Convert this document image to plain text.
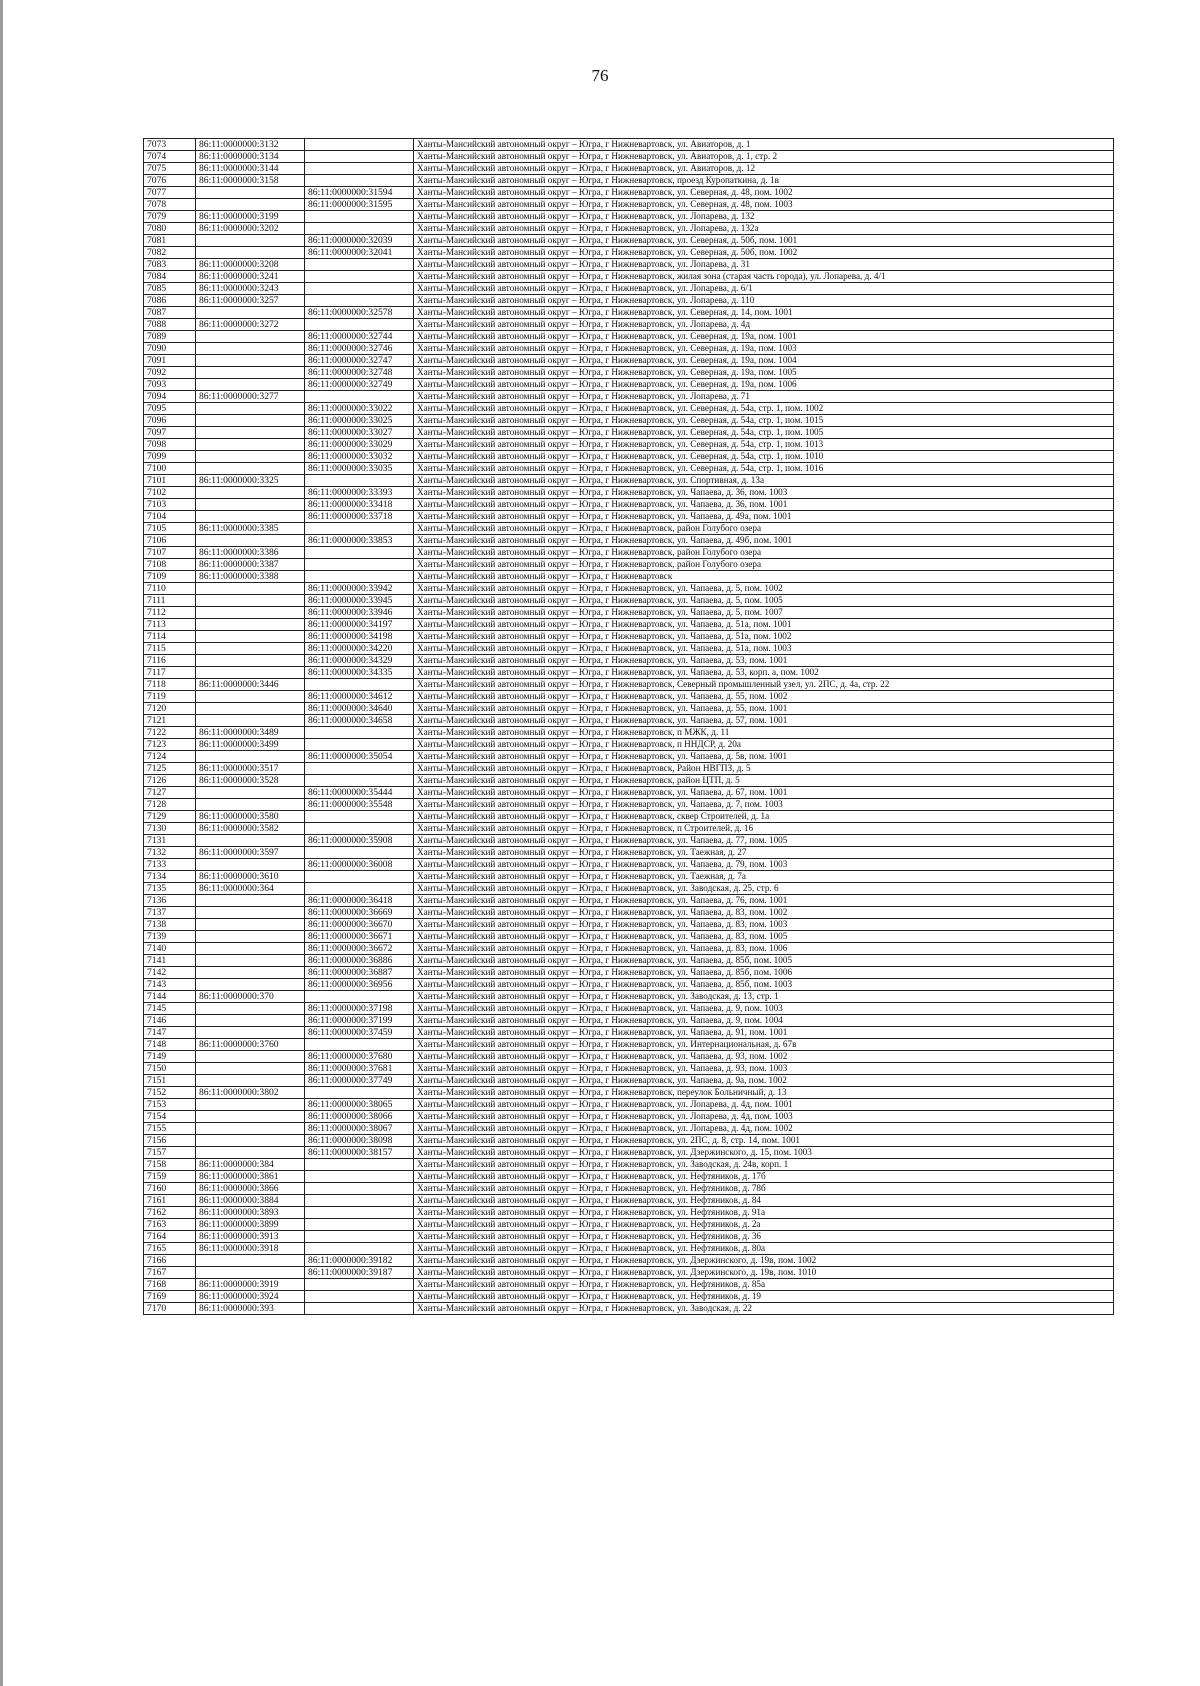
76
7073	86:11:0000000:3132		Ханты-Мансийский автономный округ – Югра, г Нижневартовск, ул. Авиаторов, д. 1
7074	86:11:0000000:3134		Ханты-Мансийский автономный округ – Югра, г Нижневартовск, ул. Авиаторов, д. 1, стр. 2
7075	86:11:0000000:3144		Ханты-Мансийский автономный округ – Югра, г Нижневартовск, ул. Авиаторов, д. 12
7076	86:11:0000000:3158		Ханты-Мансийский автономный округ – Югра, г Нижневартовск, проезд Куропаткина, д. 1в
7077		86:11:0000000:31594	Ханты-Мансийский автономный округ – Югра, г Нижневартовск, ул. Северная, д. 48, пом. 1002
7078		86:11:0000000:31595	Ханты-Мансийский автономный округ – Югра, г Нижневартовск, ул. Северная, д. 48, пом. 1003
7079	86:11:0000000:3199		Ханты-Мансийский автономный округ – Югра, г Нижневартовск, ул. Лопарева, д. 132
7080	86:11:0000000:3202		Ханты-Мансийский автономный округ – Югра, г Нижневартовск, ул. Лопарева, д. 132а
7081		86:11:0000000:32039	Ханты-Мансийский автономный округ – Югра, г Нижневартовск, ул. Северная, д. 50б, пом. 1001
7082		86:11:0000000:32041	Ханты-Мансийский автономный округ – Югра, г Нижневартовск, ул. Северная, д. 50б, пом. 1002
7083	86:11:0000000:3208		Ханты-Мансийский автономный округ – Югра, г Нижневартовск, ул. Лопарева, д. 31
7084	86:11:0000000:3241		Ханты-Мансийский автономный округ – Югра, г Нижневартовск, жилая зона (старая часть города), ул. Лопарева, д. 4/1
7085	86:11:0000000:3243		Ханты-Мансийский автономный округ – Югра, г Нижневартовск, ул. Лопарева, д. 6/1
7086	86:11:0000000:3257		Ханты-Мансийский автономный округ – Югра, г Нижневартовск, ул. Лопарева, д. 110
7087		86:11:0000000:32578	Ханты-Мансийский автономный округ – Югра, г Нижневартовск, ул. Северная, д. 14, пом. 1001
7088	86:11:0000000:3272		Ханты-Мансийский автономный округ – Югра, г Нижневартовск, ул. Лопарева, д. 4д
7089		86:11:0000000:32744	Ханты-Мансийский автономный округ – Югра, г Нижневартовск, ул. Северная, д. 19а, пом. 1001
7090		86:11:0000000:32746	Ханты-Мансийский автономный округ – Югра, г Нижневартовск, ул. Северная, д. 19а, пом. 1003
7091		86:11:0000000:32747	Ханты-Мансийский автономный округ – Югра, г Нижневартовск, ул. Северная, д. 19а, пом. 1004
7092		86:11:0000000:32748	Ханты-Мансийский автономный округ – Югра, г Нижневартовск, ул. Северная, д. 19а, пом. 1005
7093		86:11:0000000:32749	Ханты-Мансийский автономный округ – Югра, г Нижневартовск, ул. Северная, д. 19а, пом. 1006
7094	86:11:0000000:3277		Ханты-Мансийский автономный округ – Югра, г Нижневартовск, ул. Лопарева, д. 71
7095		86:11:0000000:33022	Ханты-Мансийский автономный округ – Югра, г Нижневартовск, ул. Северная, д. 54а, стр. 1, пом. 1002
7096		86:11:0000000:33025	Ханты-Мансийский автономный округ – Югра, г Нижневартовск, ул. Северная, д. 54а, стр. 1, пом. 1015
7097		86:11:0000000:33027	Ханты-Мансийский автономный округ – Югра, г Нижневартовск, ул. Северная, д. 54а, стр. 1, пом. 1005
7098		86:11:0000000:33029	Ханты-Мансийский автономный округ – Югра, г Нижневартовск, ул. Северная, д. 54а, стр. 1, пом. 1013
7099		86:11:0000000:33032	Ханты-Мансийский автономный округ – Югра, г Нижневартовск, ул. Северная, д. 54а, стр. 1, пом. 1010
7100		86:11:0000000:33035	Ханты-Мансийский автономный округ – Югра, г Нижневартовск, ул. Северная, д. 54а, стр. 1, пом. 1016
7101	86:11:0000000:3325		Ханты-Мансийский автономный округ – Югра, г Нижневартовск, ул. Спортивная, д. 13а
7102		86:11:0000000:33393	Ханты-Мансийский автономный округ – Югра, г Нижневартовск, ул. Чапаева, д. 36, пом. 1003
7103		86:11:0000000:33418	Ханты-Мансийский автономный округ – Югра, г Нижневартовск, ул. Чапаева, д. 36, пом. 1001
7104		86:11:0000000:33718	Ханты-Мансийский автономный округ – Югра, г Нижневартовск, ул. Чапаева, д. 49а, пом. 1001
7105	86:11:0000000:3385		Ханты-Мансийский автономный округ – Югра, г Нижневартовск, район Голубого озера
7106		86:11:0000000:33853	Ханты-Мансийский автономный округ – Югра, г Нижневартовск, ул. Чапаева, д. 49б, пом. 1001
7107	86:11:0000000:3386		Ханты-Мансийский автономный округ – Югра, г Нижневартовск, район Голубого озера
7108	86:11:0000000:3387		Ханты-Мансийский автономный округ – Югра, г Нижневартовск, район Голубого озера
7109	86:11:0000000:3388		Ханты-Мансийский автономный округ – Югра, г Нижневартовск
7110		86:11:0000000:33942	Ханты-Мансийский автономный округ – Югра, г Нижневартовск, ул. Чапаева, д. 5, пом. 1002
7111		86:11:0000000:33945	Ханты-Мансийский автономный округ – Югра, г Нижневартовск, ул. Чапаева, д. 5, пом. 1005
7112		86:11:0000000:33946	Ханты-Мансийский автономный округ – Югра, г Нижневартовск, ул. Чапаева, д. 5, пом. 1007
7113		86:11:0000000:34197	Ханты-Мансийский автономный округ – Югра, г Нижневартовск, ул. Чапаева, д. 51а, пом. 1001
7114		86:11:0000000:34198	Ханты-Мансийский автономный округ – Югра, г Нижневартовск, ул. Чапаева, д. 51а, пом. 1002
7115		86:11:0000000:34220	Ханты-Мансийский автономный округ – Югра, г Нижневартовск, ул. Чапаева, д. 51а, пом. 1003
7116		86:11:0000000:34329	Ханты-Мансийский автономный округ – Югра, г Нижневартовск, ул. Чапаева, д. 53, пом. 1001
7117		86:11:0000000:34335	Ханты-Мансийский автономный округ – Югра, г Нижневартовск, ул. Чапаева, д. 53, корп. а, пом. 1002
7118	86:11:0000000:3446		Ханты-Мансийский автономный округ – Югра, г Нижневартовск, Северный промышленный узел, ул. 2ПС, д. 4а, стр. 22
7119		86:11:0000000:34612	Ханты-Мансийский автономный округ – Югра, г Нижневартовск, ул. Чапаева, д. 55, пом. 1002
7120		86:11:0000000:34640	Ханты-Мансийский автономный округ – Югра, г Нижневартовск, ул. Чапаева, д. 55, пом. 1001
7121		86:11:0000000:34658	Ханты-Мансийский автономный округ – Югра, г Нижневартовск, ул. Чапаева, д. 57, пом. 1001
7122	86:11:0000000:3489		Ханты-Мансийский автономный округ – Югра, г Нижневартовск, п МЖК, д. 11
7123	86:11:0000000:3499		Ханты-Мансийский автономный округ – Югра, г Нижневартовск, п ННДСР, д. 20а
7124		86:11:0000000:35054	Ханты-Мансийский автономный округ – Югра, г Нижневартовск, ул. Чапаева, д. 5в, пом. 1001
7125	86:11:0000000:3517		Ханты-Мансийский автономный округ – Югра, г Нижневартовск, Район НВГПЗ, д. 5
7126	86:11:0000000:3528		Ханты-Мансийский автономный округ – Югра, г Нижневартовск, район ЦТП, д. 5
7127		86:11:0000000:35444	Ханты-Мансийский автономный округ – Югра, г Нижневартовск, ул. Чапаева, д. 67, пом. 1001
7128		86:11:0000000:35548	Ханты-Мансийский автономный округ – Югра, г Нижневартовск, ул. Чапаева, д. 7, пом. 1003
7129	86:11:0000000:3580		Ханты-Мансийский автономный округ – Югра, г Нижневартовск, сквер Строителей, д. 1а
7130	86:11:0000000:3582		Ханты-Мансийский автономный округ – Югра, г Нижневартовск, п Строителей, д. 16
7131		86:11:0000000:35908	Ханты-Мансийский автономный округ – Югра, г Нижневартовск, ул. Чапаева, д. 77, пом. 1005
7132	86:11:0000000:3597		Ханты-Мансийский автономный округ – Югра, г Нижневартовск, ул. Таежная, д. 27
7133		86:11:0000000:36008	Ханты-Мансийский автономный округ – Югра, г Нижневартовск, ул. Чапаева, д. 79, пом. 1003
7134	86:11:0000000:3610		Ханты-Мансийский автономный округ – Югра, г Нижневартовск, ул. Таежная, д. 7а
7135	86:11:0000000:364		Ханты-Мансийский автономный округ – Югра, г Нижневартовск, ул. Заводская, д. 25, стр. 6
7136		86:11:0000000:36418	Ханты-Мансийский автономный округ – Югра, г Нижневартовск, ул. Чапаева, д. 76, пом. 1001
7137		86:11:0000000:36669	Ханты-Мансийский автономный округ – Югра, г Нижневартовск, ул. Чапаева, д. 83, пом. 1002
7138		86:11:0000000:36670	Ханты-Мансийский автономный округ – Югра, г Нижневартовск, ул. Чапаева, д. 83, пом. 1003
7139		86:11:0000000:36671	Ханты-Мансийский автономный округ – Югра, г Нижневартовск, ул. Чапаева, д. 83, пом. 1005
7140		86:11:0000000:36672	Ханты-Мансийский автономный округ – Югра, г Нижневартовск, ул. Чапаева, д. 83, пом. 1006
7141		86:11:0000000:36886	Ханты-Мансийский автономный округ – Югра, г Нижневартовск, ул. Чапаева, д. 85б, пом. 1005
7142		86:11:0000000:36887	Ханты-Мансийский автономный округ – Югра, г Нижневартовск, ул. Чапаева, д. 85б, пом. 1006
7143		86:11:0000000:36956	Ханты-Мансийский автономный округ – Югра, г Нижневартовск, ул. Чапаева, д. 85б, пом. 1003
7144	86:11:0000000:370		Ханты-Мансийский автономный округ – Югра, г Нижневартовск, ул. Заводская, д. 13, стр. 1
7145		86:11:0000000:37198	Ханты-Мансийский автономный округ – Югра, г Нижневартовск, ул. Чапаева, д. 9, пом. 1003
7146		86:11:0000000:37199	Ханты-Мансийский автономный округ – Югра, г Нижневартовск, ул. Чапаева, д. 9, пом. 1004
7147		86:11:0000000:37459	Ханты-Мансийский автономный округ – Югра, г Нижневартовск, ул. Чапаева, д. 91, пом. 1001
7148	86:11:0000000:3760		Ханты-Мансийский автономный округ – Югра, г Нижневартовск, ул. Интернациональная, д. 67в
7149		86:11:0000000:37680	Ханты-Мансийский автономный округ – Югра, г Нижневартовск, ул. Чапаева, д. 93, пом. 1002
7150		86:11:0000000:37681	Ханты-Мансийский автономный округ – Югра, г Нижневартовск, ул. Чапаева, д. 93, пом. 1003
7151		86:11:0000000:37749	Ханты-Мансийский автономный округ – Югра, г Нижневартовск, ул. Чапаева, д. 9а, пом. 1002
7152	86:11:0000000:3802		Ханты-Мансийский автономный округ – Югра, г Нижневартовск, переулок Больничный, д. 13
7153		86:11:0000000:38065	Ханты-Мансийский автономный округ – Югра, г Нижневартовск, ул. Лопарева, д. 4д, пом. 1001
7154		86:11:0000000:38066	Ханты-Мансийский автономный округ – Югра, г Нижневартовск, ул. Лопарева, д. 4д, пом. 1003
7155		86:11:0000000:38067	Ханты-Мансийский автономный округ – Югра, г Нижневартовск, ул. Лопарева, д. 4д, пом. 1002
7156		86:11:0000000:38098	Ханты-Мансийский автономный округ – Югра, г Нижневартовск, ул. 2ПС, д. 8, стр. 14, пом. 1001
7157		86:11:0000000:38157	Ханты-Мансийский автономный округ – Югра, г Нижневартовск, ул. Дзержинского, д. 15, пом. 1003
7158	86:11:0000000:384		Ханты-Мансийский автономный округ – Югра, г Нижневартовск, ул. Заводская, д. 24в, корп. 1
7159	86:11:0000000:3861		Ханты-Мансийский автономный округ – Югра, г Нижневартовск, ул. Нефтяников, д. 17б
7160	86:11:0000000:3866		Ханты-Мансийский автономный округ – Югра, г Нижневартовск, ул. Нефтяников, д. 78б
7161	86:11:0000000:3884		Ханты-Мансийский автономный округ – Югра, г Нижневартовск, ул. Нефтяников, д. 84
7162	86:11:0000000:3893		Ханты-Мансийский автономный округ – Югра, г Нижневартовск, ул. Нефтяников, д. 91а
7163	86:11:0000000:3899		Ханты-Мансийский автономный округ – Югра, г Нижневартовск, ул. Нефтяников, д. 2а
7164	86:11:0000000:3913		Ханты-Мансийский автономный округ – Югра, г Нижневартовск, ул. Нефтяников, д. 36
7165	86:11:0000000:3918		Ханты-Мансийский автономный округ – Югра, г Нижневартовск, ул. Нефтяников, д. 80а
7166		86:11:0000000:39182	Ханты-Мансийский автономный округ – Югра, г Нижневартовск, ул. Дзержинского, д. 19в, пом. 1002
7167		86:11:0000000:39187	Ханты-Мансийский автономный округ – Югра, г Нижневартовск, ул. Дзержинского, д. 19в, пом. 1010
7168	86:11:0000000:3919		Ханты-Мансийский автономный округ – Югра, г Нижневартовск, ул. Нефтяников, д. 85а
7169	86:11:0000000:3924		Ханты-Мансийский автономный округ – Югра, г Нижневартовск, ул. Нефтяников, д. 19
7170	86:11:0000000:393		Ханты-Мансийский автономный округ – Югра, г Нижневартовск, ул. Заводская, д. 22
